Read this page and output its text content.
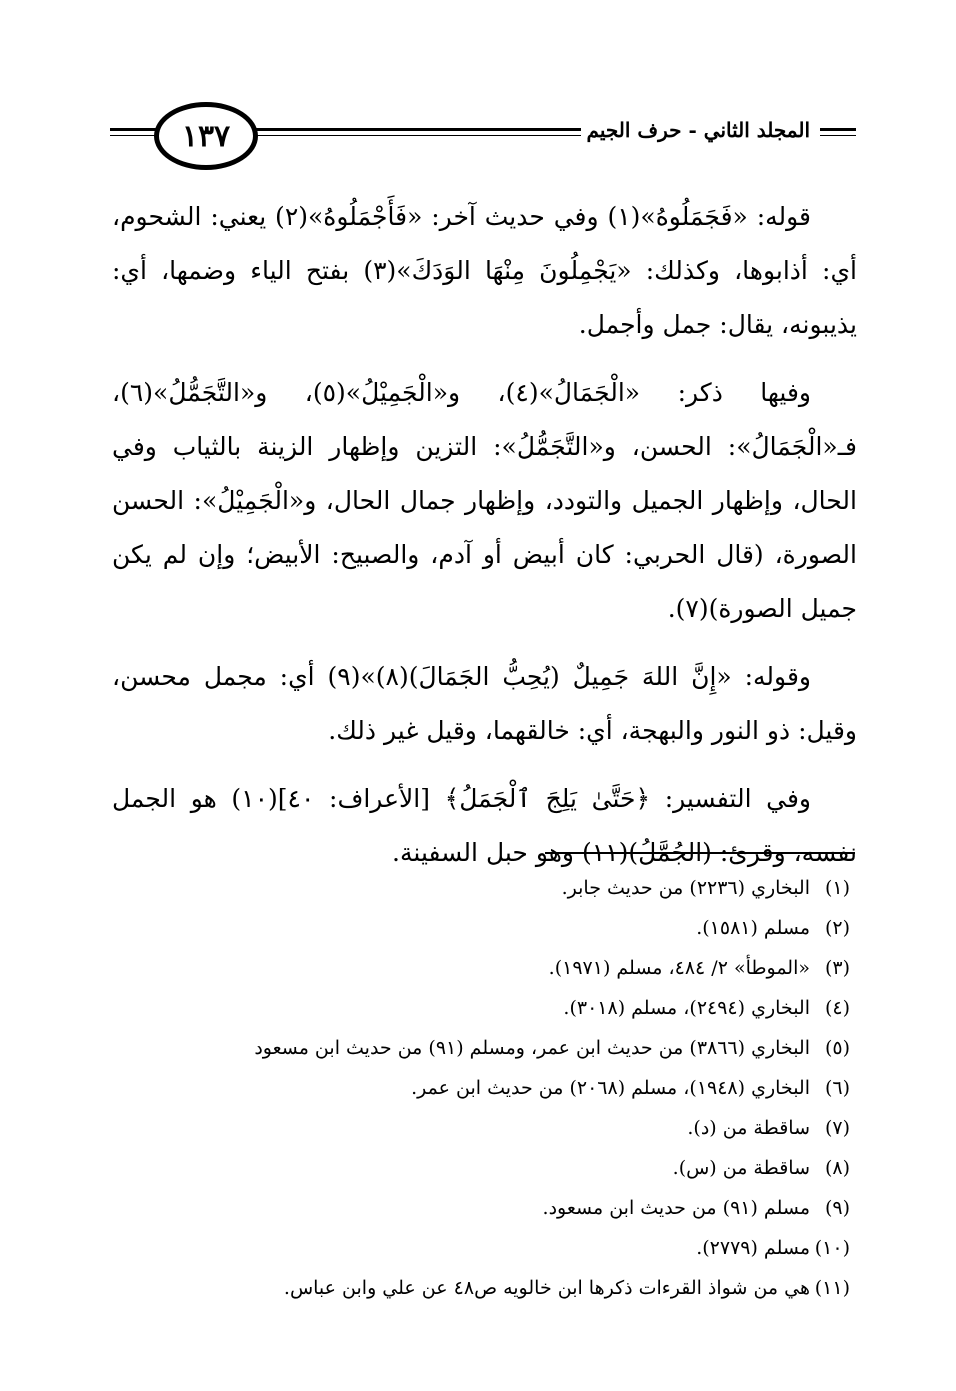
١٣٧	المجلد الثاني - حرف الجيم

قوله: «فَجَمَلُوهُ»(١) وفي حديث آخر: «فَأَجْمَلُوهُ»(٢) يعني: الشحوم، أي: أذابوها، وكذلك: «يَجْمِلُونَ مِنْهَا الوَدَكَ»(٣) بفتح الياء وضمها، أي: يذيبونه، يقال: جمل وأجمل.

وفيها ذكر: «الْجَمَالُ»(٤)، و«الْجَمِيْلُ»(٥)، و«التَّجَمُّلُ»(٦)، فـ«الْجَمَالُ»: الحسن، و«التَّجَمُّلُ»: التزين وإظهار الزينة بالثياب وفي الحال، وإظهار الجميل والتودد، وإظهار جمال الحال، و«الْجَمِيْلُ»: الحسن الصورة، (قال الحربي: كان أبيض أو آدم، والصبيح: الأبيض؛ وإن لم يكن جميل الصورة)(٧).

وقوله: «إِنَّ اللهَ جَمِيلٌ (يُحِبُّ الجَمَالَ)(٨)»(٩) أي: مجمل محسن، وقيل: ذو النور والبهجة، أي: خالقهما، وقيل غير ذلك.

وفي التفسير: ﴿حَتَّىٰ يَلِجَ ٱلْجَمَلُ﴾ [الأعراف: ٤٠](١٠) هو الجمل نفسه، وقرئ: (الجُمَّلُ)(١١) وهو حبل السفينة.

(١)البخاري (٢٢٣٦) من حديث جابر.
(٢)مسلم (١٥٨١).
(٣)«الموطأ» ٢/ ٤٨٤، مسلم (١٩٧١).
(٤)البخاري (٢٤٩٤)، مسلم (٣٠١٨).
(٥)البخاري (٣٨٦٦) من حديث ابن عمر، ومسلم (٩١) من حديث ابن مسعود
(٦)البخاري (١٩٤٨)، مسلم (٢٠٦٨) من حديث ابن عمر.
(٧)ساقطة من (د).
(٨)ساقطة من (س).
(٩)مسلم (٩١) من حديث ابن مسعود.
(١٠)مسلم (٢٧٧٩).
(١١)هي من شواذ القرءات ذكرها ابن خالويه ص٤٨ عن علي وابن عباس.
